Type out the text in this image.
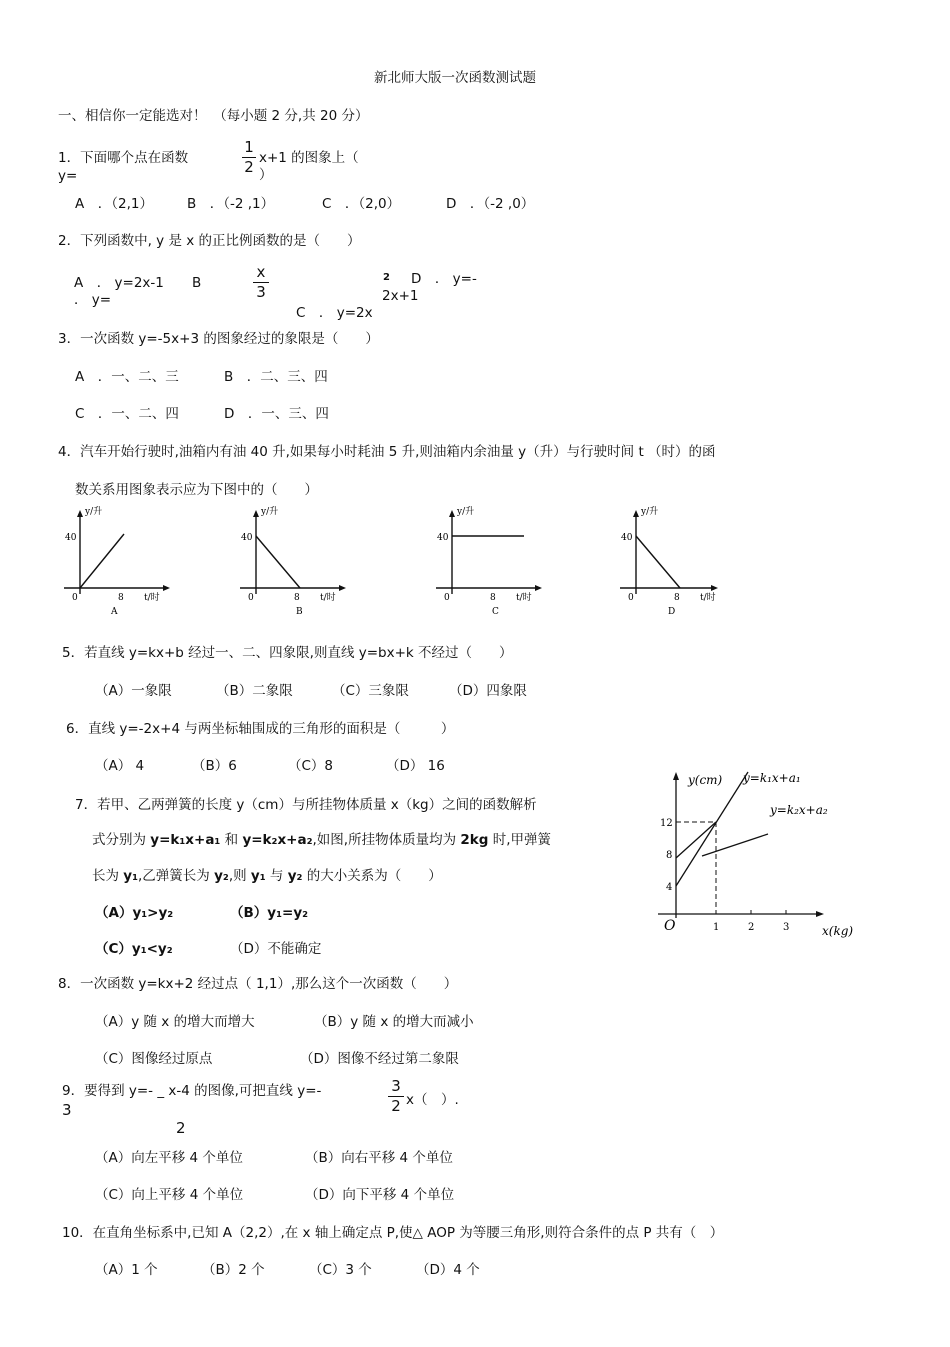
新北师大版一次函数测试题
一、相信你一定能选对！　（每小题 2 分,共 20 分）
1．下面哪个点在函数
y=
1
2
x+1 的图象上（
）
A　．（2,1）	B　．（-2 ,1）	C　．（2,0）	D　．（-2 ,0）
2．下列函数中, y 是 x 的正比例函数的是（　　）
A　． y=2x-1 B
． y=
x
3
2 D　． y=-
2x+1
C　． y=2x
3．一次函数 y=-5x+3 的图象经过的象限是（　　）
A　．一、二、三	B　．二、三、四
C　．一、二、四	D　．一、三、四
4．汽车开始行驶时,油箱内有油 40 升,如果每小时耗油 5 升,则油箱内余油量 y（升）与行驶时间 t （时）的函
数关系用图象表示应为下图中的（　　）
y/升
40
0	8 t/时
A
y/升
40
0	8 t/时
B
y/升
40
0	8 t/时
C
y/升
40
0	8 t/时
D
5．若直线 y=kx+b 经过一、二、四象限,则直线 y=bx+k 不经过（　　）
（A）一象限	（B）二象限	（C）三象限	（D）四象限
6．直线 y=-2x+4 与两坐标轴围成的三角形的面积是（　　　）
（A） 4	（B）6	（C）8	（D） 16
7．若甲、乙两弹簧的长度 y（cm）与所挂物体质量 x（kg）之间的函数解析
式分别为 y=k₁x+a₁ 和 y=k₂x+a₂,如图,所挂物体质量均为 2kg 时,甲弹簧
长为 y₁,乙弹簧长为 y₂,则 y₁ 与 y₂ 的大小关系为（　　）
（A）y₁>y₂	（B）y₁=y₂
（C）y₁<y₂	（D）不能确定
y(cm) y=k₁x+a₁
y=k₂x+a₂
12
8
4
O	1	2	3	x(kg)
8．一次函数 y=kx+2 经过点（ 1,1）,那么这个一次函数（　　）
（A）y 随 x 的增大而增大	（B）y 随 x 的增大而减小
（C）图像经过原点	（D）图像不经过第二象限
9．要得到 y=- _ x-4 的图像,可把直线 y=-
3
3
2 x（　）.
2
（A）向左平移 4 个单位	（B）向右平移 4 个单位
（C）向上平移 4 个单位	（D）向下平移 4 个单位
10．在直角坐标系中,已知 A（2,2）,在 x 轴上确定点 P,使△ AOP 为等腰三角形,则符合条件的点 P 共有（　）
（A）1 个	（B）2 个	（C）3 个	（D）4 个
